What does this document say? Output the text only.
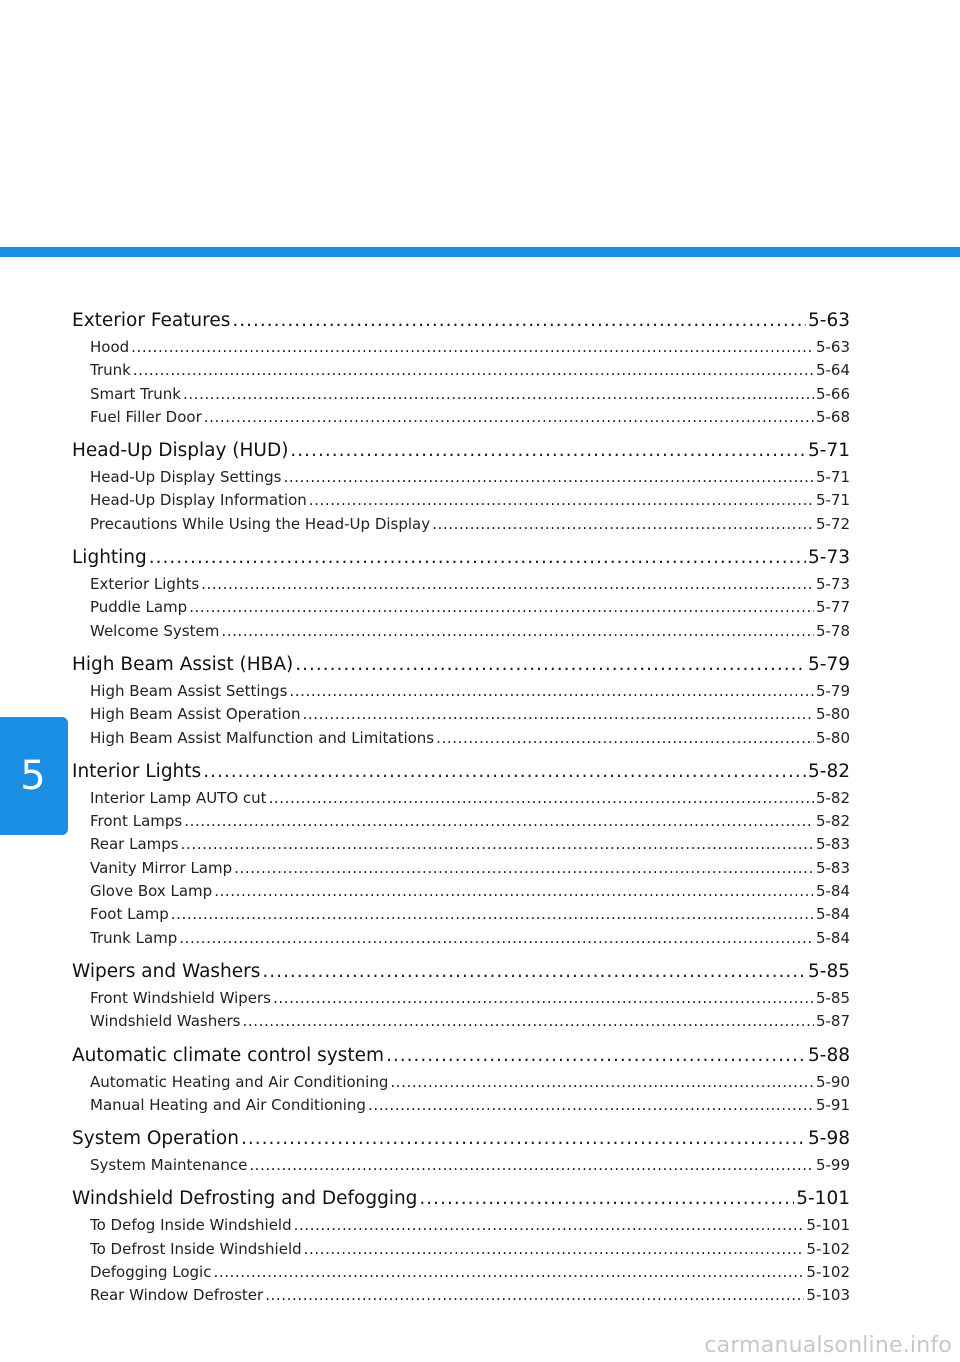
5
Exterior Features .....	5-63
Hood .....	5-63
Trunk .....	5-64
Smart Trunk .....	5-66
Fuel Filler Door .....	5-68
Head-Up Display (HUD) .....	5-71
Head-Up Display Settings .....	5-71
Head-Up Display Information .....	5-71
Precautions While Using the Head-Up Display .....	5-72
Lighting .....	5-73
Exterior Lights .....	5-73
Puddle Lamp .....	5-77
Welcome System .....	5-78
High Beam Assist (HBA) .....	5-79
High Beam Assist Settings .....	5-79
High Beam Assist Operation .....	5-80
High Beam Assist Malfunction and Limitations .....	5-80
Interior Lights .....	5-82
Interior Lamp AUTO cut .....	5-82
Front Lamps .....	5-82
Rear Lamps .....	5-83
Vanity Mirror Lamp .....	5-83
Glove Box Lamp .....	5-84
Foot Lamp .....	5-84
Trunk Lamp .....	5-84
Wipers and Washers .....	5-85
Front Windshield Wipers .....	5-85
Windshield Washers .....	5-87
Automatic climate control system .....	5-88
Automatic Heating and Air Conditioning .....	5-90
Manual Heating and Air Conditioning .....	5-91
System Operation .....	5-98
System Maintenance .....	5-99
Windshield Defrosting and Defogging .....	5-101
To Defog Inside Windshield .....	5-101
To Defrost Inside Windshield .....	5-102
Defogging Logic .....	5-102
Rear Window Defroster .....	5-103
carmanualsonline.info
